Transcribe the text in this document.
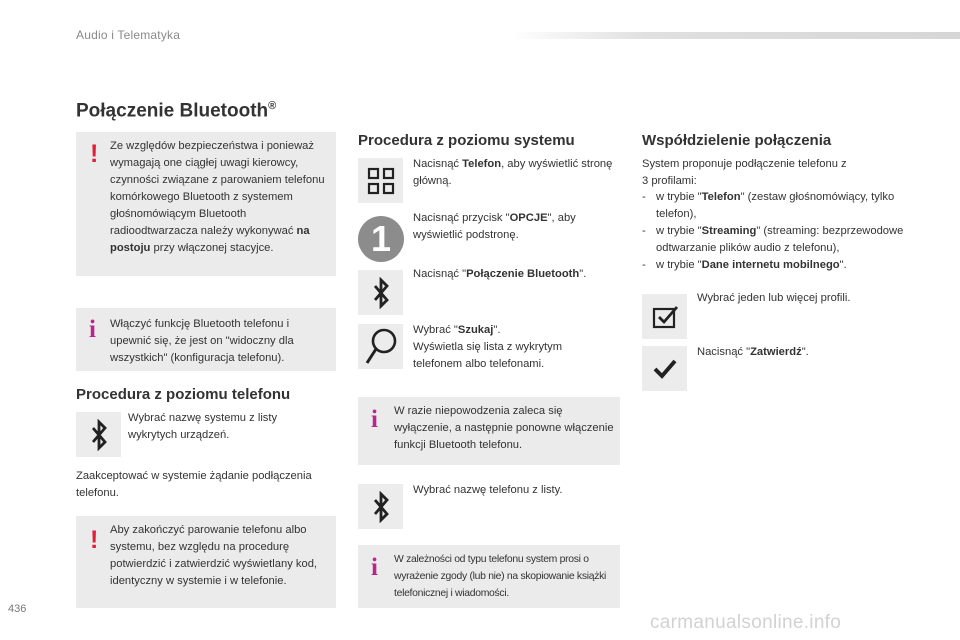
Audio i Telematyka
Połączenie Bluetooth®
! Ze względów bezpieczeństwa i ponieważ wymagają one ciągłej uwagi kierowcy, czynności związane z parowaniem telefonu komórkowego Bluetooth z systemem głośnomówiącym Bluetooth radioodtwarzacza należy wykonywać na postoju przy włączonej stacyjce.
i Włączyć funkcję Bluetooth telefonu i upewnić się, że jest on "widoczny dla wszystkich" (konfiguracja telefonu).
Procedura z poziomu telefonu
Wybrać nazwę systemu z listy wykrytych urządzeń.
Zaakceptować w systemie żądanie podłączenia telefonu.
! Aby zakończyć parowanie telefonu albo systemu, bez względu na procedurę potwierdzić i zatwierdzić wyświetlany kod, identyczny w systemie i w telefonie.
Procedura z poziomu systemu
Nacisnąć Telefon, aby wyświetlić stronę główną.
1	Nacisnąć przycisk "OPCJE", aby wyświetlić podstronę.
Nacisnąć "Połączenie Bluetooth".
Wybrać "Szukaj".
Wyświetla się lista z wykrytym telefonem albo telefonami.
i W razie niepowodzenia zaleca się wyłączenie, a następnie ponowne włączenie funkcji Bluetooth telefonu.
Wybrać nazwę telefonu z listy.
i W zależności od typu telefonu system prosi o wyrażenie zgody (lub nie) na skopiowanie książki telefonicznej i wiadomości.
Współdzielenie połączenia
System proponuje podłączenie telefonu z 3 profilami:
- w trybie "Telefon" (zestaw głośnomówiący, tylko telefon),
- w trybie "Streaming" (streaming: bezprzewodowe odtwarzanie plików audio z telefonu),
- w trybie "Dane internetu mobilnego".
Wybrać jeden lub więcej profili.
Nacisnąć "Zatwierdź".
436
carmanualsonline.info
